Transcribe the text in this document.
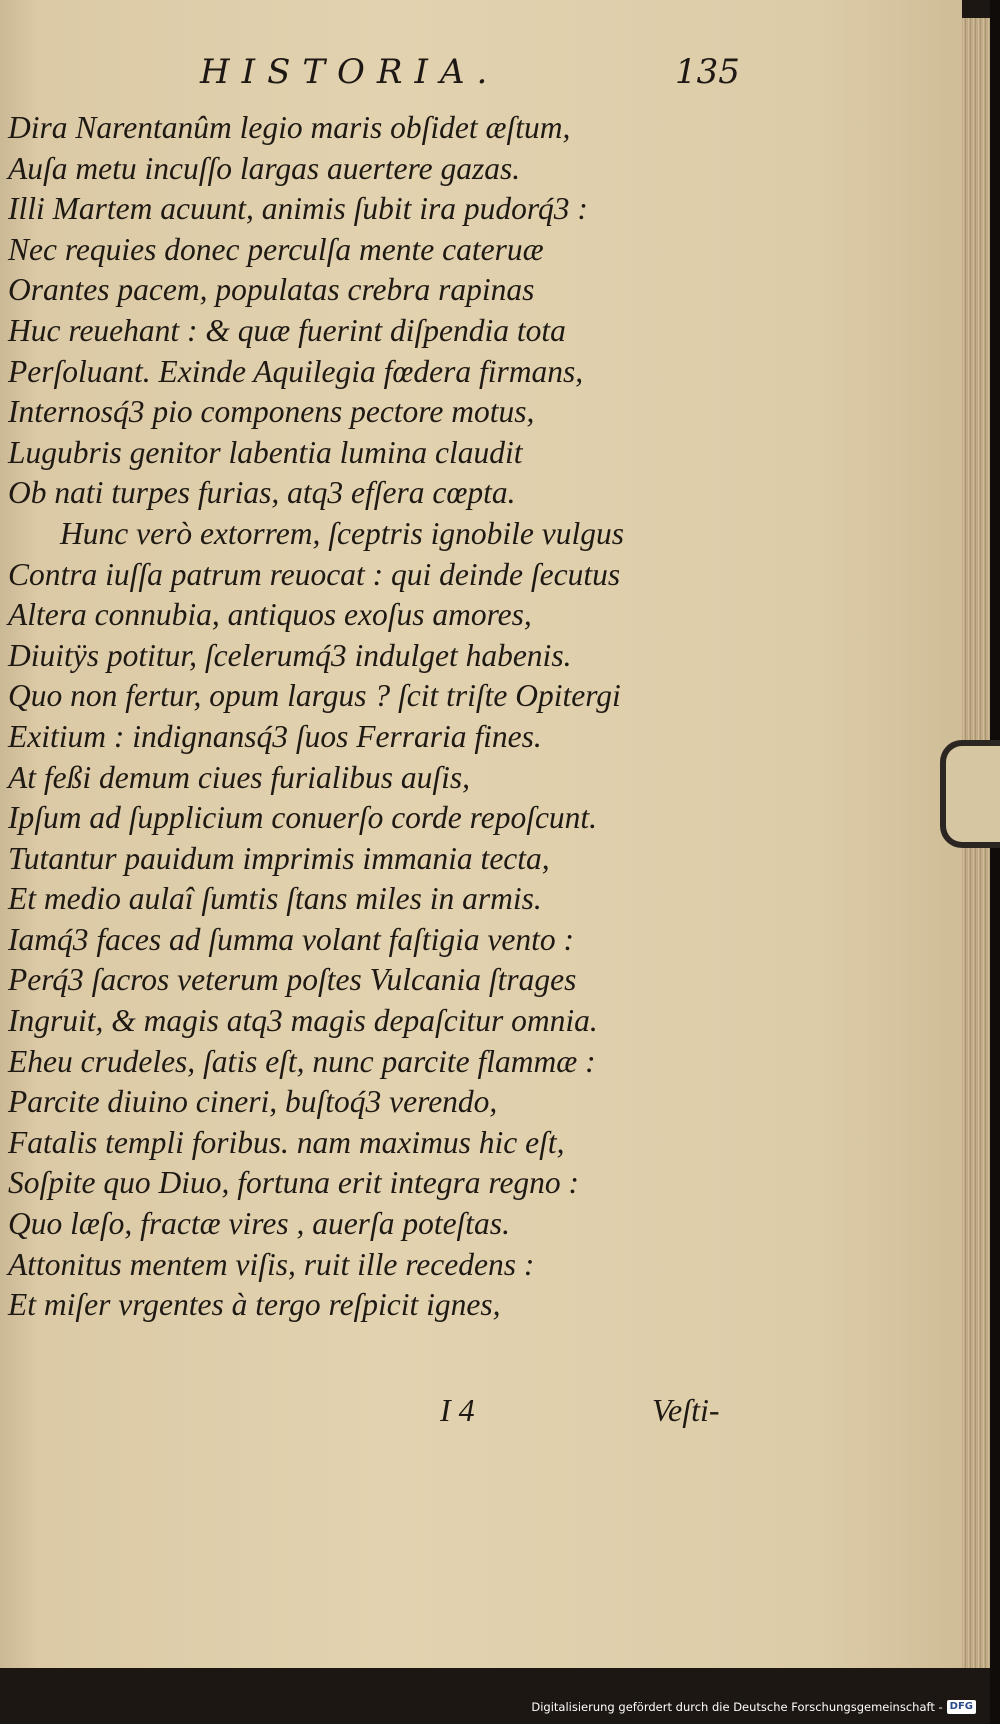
HISTORIA.	135
Dira Narentanûm legio maris obſidet æſtum,
Auſa metu incuſſo largas auertere gazas.
Illi Martem acuunt, animis ſubit ira pudorq́3 :
Nec requies donec perculſa mente cateruæ
Orantes pacem, populatas crebra rapinas
Huc reuehant : & quæ fuerint diſpendia tota
Perſoluant. Exinde Aquilegia fœdera firmans,
Internosq́3 pio componens pectore motus,
Lugubris genitor labentia lumina claudit
Ob nati turpes furias, atq3 efſera cœpta.
Hunc verò extorrem, ſceptris ignobile vulgus
Contra iuſſa patrum reuocat : qui deinde ſecutus
Altera connubia, antiquos exoſus amores,
Diuitÿs potitur, ſcelerumq́3 indulget habenis.
Quo non fertur, opum largus ? ſcit triſte Opitergi
Exitium : indignansq́3 ſuos Ferraria fines.
At feßi demum ciues furialibus auſis,
Ipſum ad ſupplicium conuerſo corde repoſcunt.
Tutantur pauidum imprimis immania tecta,
Et medio aulaî ſumtis ſtans miles in armis.
Iamq́3 faces ad ſumma volant faſtigia vento :
Perq́3 ſacros veterum poſtes Vulcania ſtrages
Ingruit, & magis atq3 magis depaſcitur omnia.
Eheu crudeles, ſatis eſt, nunc parcite flammæ :
Parcite diuino cineri, buſtoq́3 verendo,
Fatalis templi foribus. nam maximus hic eſt,
Soſpite quo Diuo, fortuna erit integra regno :
Quo læſo, fractæ vires , auerſa poteſtas.
Attonitus mentem viſis, ruit ille recedens :
Et miſer vrgentes à tergo reſpicit ignes,
I 4	Veſti-
Digitalisierung gefördert durch die Deutsche Forschungsgemeinschaft - DFG
